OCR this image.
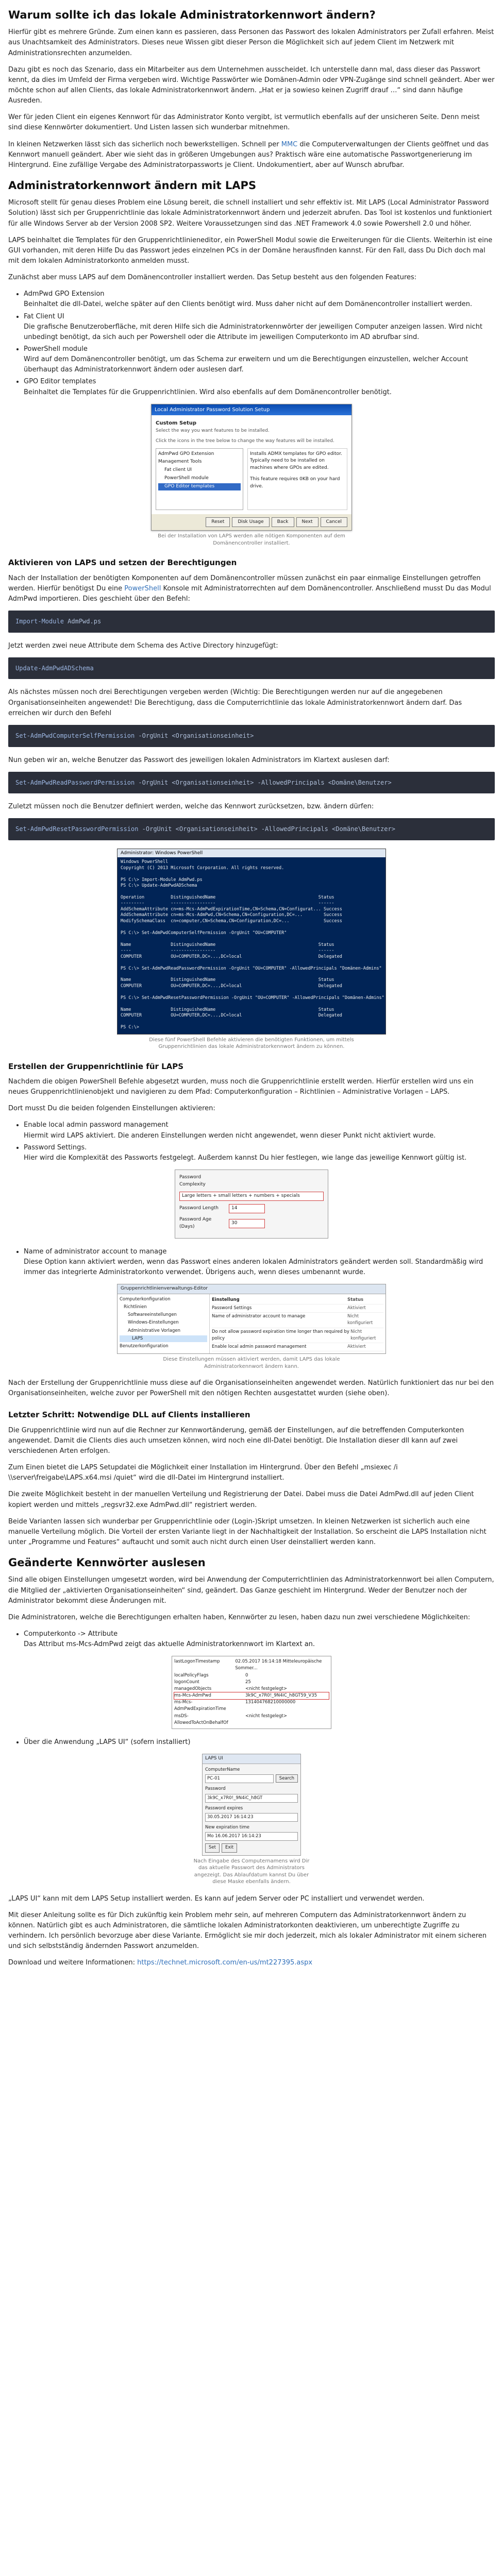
Warum sollte ich das lokale Administratorkennwort ändern?

Hierfür gibt es mehrere Gründe. Zum einen kann es passieren, dass Personen das Passwort des lokalen Administrators per Zufall erfahren. Meist aus Unachtsamkeit des Administrators. Dieses neue Wissen gibt dieser Person die Möglichkeit sich auf jedem Client im Netzwerk mit Administrationsrechten anzumelden.

Dazu gibt es noch das Szenario, dass ein Mitarbeiter aus dem Unternehmen ausscheidet. Ich unterstelle dann mal, dass dieser das Passwort kennt, da dies im Umfeld der Firma vergeben wird. Wichtige Passwörter wie Domänen-Admin oder VPN-Zugänge sind schnell geändert. Aber wer möchte schon auf allen Clients, das lokale Administratorkennwort ändern. „Hat er ja sowieso keinen Zugriff drauf …“ sind dann häufige Ausreden.

Wer für jeden Client ein eigenes Kennwort für das Administrator Konto vergibt, ist vermutlich ebenfalls auf der unsicheren Seite. Denn meist sind diese Kennwörter dokumentiert. Und Listen lassen sich wunderbar mitnehmen.

In kleinen Netzwerken lässt sich das sicherlich noch bewerkstelligen. Schnell per MMC die Computerverwaltungen der Clients geöffnet und das Kennwort manuell geändert. Aber wie sieht das in größeren Umgebungen aus? Praktisch wäre eine automatische Passwortgenerierung im Hintergrund. Eine zufällige Vergabe des Administratorpassworts je Client. Undokumentiert, aber auf Wunsch abrufbar.

Administratorkennwort ändern mit LAPS

Microsoft stellt für genau dieses Problem eine Lösung bereit, die schnell installiert und sehr effektiv ist. Mit LAPS (Local Administrator Password Solution) lässt sich per Gruppenrichtlinie das lokale Administratorkennwort ändern und jederzeit abrufen. Das Tool ist kostenlos und funktioniert für alle Windows Server ab der Version 2008 SP2. Weitere Voraussetzungen sind das .NET Framework 4.0 sowie Powershell 2.0 und höher.

LAPS beinhaltet die Templates für den Gruppenrichtlinieneditor, ein PowerShell Modul sowie die Erweiterungen für die Clients. Weiterhin ist eine GUI vorhanden, mit deren Hilfe Du das Passwort jedes einzelnen PCs in der Domäne herausfinden kannst. Für den Fall, dass Du Dich doch mal mit dem lokalen Administratorkonto anmelden musst.

Zunächst aber muss LAPS auf dem Domänencontroller installiert werden. Das Setup besteht aus den folgenden Features:

• AdmPwd GPO Extension
Beinhaltet die dll-Datei, welche später auf den Clients benötigt wird. Muss daher nicht auf dem Domänencontroller installiert werden.
• Fat Client UI
Die grafische Benutzeroberfläche, mit deren Hilfe sich die Administratorkennwörter der jeweiligen Computer anzeigen lassen. Wird nicht unbedingt benötigt, da sich auch per Powershell oder die Attribute im jeweiligen Computerkonto im AD abrufbar sind.
• PowerShell module
Wird auf dem Domänencontroller benötigt, um das Schema zur erweitern und um die Berechtigungen einzustellen, welcher Account überhaupt das Administratorkennwort ändern oder auslesen darf.
• GPO Editor templates
Beinhaltet die Templates für die Gruppenrichtlinien. Wird also ebenfalls auf dem Domänencontroller benötigt.
Local Administrator Password Solution Setup
Custom Setup
Select the way you want features to be installed.
Click the icons in the tree below to change the way features will be installed.
AdmPwd GPO Extension
Management Tools
Fat client UI
PowerShell module
GPO Editor templates
Installs ADMX templates for GPO editor. Typically need to be installed on machines where GPOs are edited.
This feature requires 0KB on your hard drive.
Reset	Disk Usage	Back	Next	Cancel
Bei der Installation von LAPS werden alle nötigen Komponenten auf dem Domänencontroller installiert.
Aktivieren von LAPS und setzen der Berechtigungen

Nach der Installation der benötigten Komponenten auf dem Domänencontroller müssen zunächst ein paar einmalige Einstellungen getroffen werden. Hierfür benötigst Du eine PowerShell Konsole mit Administratorrechten auf dem Domänencontroller. Anschließend musst Du das Modul AdmPwd importieren. Dies geschieht über den Befehl:

Import-Module AdmPwd.ps

Jetzt werden zwei neue Attribute dem Schema des Active Directory hinzugefügt:

Update-AdmPwdADSchema

Als nächstes müssen noch drei Berechtigungen vergeben werden (Wichtig: Die Berechtigungen werden nur auf die angegebenen Organisationseinheiten angewendet! Die Berechtigung, dass die Computerrichtlinie das lokale Administratorkennwort ändern darf. Das erreichen wir durch den Befehl

Set-AdmPwdComputerSelfPermission -OrgUnit <Organisationseinheit>

Nun geben wir an, welche Benutzer das Passwort des jeweiligen lokalen Administrators im Klartext auslesen darf:

Set-AdmPwdReadPasswordPermission -OrgUnit <Organisationseinheit> -AllowedPrincipals <Domäne\Benutzer>

Zuletzt müssen noch die Benutzer definiert werden, welche das Kennwort zurücksetzen, bzw. ändern dürfen:

Set-AdmPwdResetPasswordPermission -OrgUnit <Organisationseinheit> -AllowedPrincipals <Domäne\Benutzer>
Administrator: Windows PowerShell
Windows PowerShell
Copyright (C) 2013 Microsoft Corporation. All rights reserved.

PS C:\> Import-Module AdmPwd.ps
PS C:\> Update-AdmPwdADSchema

Operation          DistinguishedName                                       Status
---------          -----------------                                       ------
AddSchemaAttribute cn=ms-Mcs-AdmPwdExpirationTime,CN=Schema,CN=Configurat... Success
AddSchemaAttribute cn=ms-Mcs-AdmPwd,CN=Schema,CN=Configuration,DC=...        Success
ModifySchemaClass  cn=computer,CN=Schema,CN=Configuration,DC=...             Success

PS C:\> Set-AdmPwdComputerSelfPermission -OrgUnit "OU=COMPUTER"

Name               DistinguishedName                                       Status
----               -----------------                                       ------
COMPUTER           OU=COMPUTER,DC=...,DC=local                             Delegated

PS C:\> Set-AdmPwdReadPasswordPermission -OrgUnit "OU=COMPUTER" -AllowedPrincipals "Domänen-Admins"

Name               DistinguishedName                                       Status
COMPUTER           OU=COMPUTER,DC=...,DC=local                             Delegated

PS C:\> Set-AdmPwdResetPasswordPermission -OrgUnit "OU=COMPUTER" -AllowedPrincipals "Domänen-Admins"

Name               DistinguishedName                                       Status
COMPUTER           OU=COMPUTER,DC=...,DC=local                             Delegated

PS C:\>
Diese fünf PowerShell Befehle aktivieren die benötigten Funktionen, um mittels Gruppenrichtlinien das lokale Administratorkennwort ändern zu können.
Erstellen der Gruppenrichtlinie für LAPS

Nachdem die obigen PowerShell Befehle abgesetzt wurden, muss noch die Gruppenrichtlinie erstellt werden. Hierfür erstellen wird uns ein neues Gruppenrichtlinienobjekt und navigieren zu dem Pfad: Computerkonfiguration – Richtlinien – Administrative Vorlagen – LAPS.

Dort musst Du die beiden folgenden Einstellungen aktivieren:

• Enable local admin password management
Hiermit wird LAPS aktiviert. Die anderen Einstellungen werden nicht angewendet, wenn dieser Punkt nicht aktiviert wurde.
• Password Settings.
Hier wird die Komplexität des Passworts festgelegt. Außerdem kannst Du hier festlegen, wie lange das jeweilige Kennwort gültig ist.
Password Complexity
Large letters + small letters + numbers + specials
Password Length	14
Password Age (Days)
30
• Name of administrator account to manage
Diese Option kann aktiviert werden, wenn das Passwort eines anderen lokalen Administrators geändert werden soll. Standardmäßig wird immer das integrierte Administratorkonto verwendet. Übrigens auch, wenn dieses umbenannt wurde.
Gruppenrichtlinienverwaltungs-Editor
Computerkonfiguration
Richtlinien
Softwareeinstellungen
Windows-Einstellungen
Administrative Vorlagen
LAPS
Benutzerkonfiguration
Einstellung	Status
Password Settings	Aktiviert
Name of administrator account to manage	Nicht konfiguriert
Do not allow password expiration time longer than required by policy
Nicht konfiguriert
Enable local admin password management	Aktiviert
Diese Einstellungen müssen aktiviert werden, damit LAPS das lokale Administratorkennwort ändern kann.

Nach der Erstellung der Gruppenrichtlinie muss diese auf die Organisationseinheiten angewendet werden. Natürlich funktioniert das nur bei den Organisationseinheiten, welche zuvor per PowerShell mit den nötigen Rechten ausgestattet wurden (siehe oben).

Letzter Schritt: Notwendige DLL auf Clients installieren

Die Gruppenrichtlinie wird nun auf die Rechner zur Kennwortänderung, gemäß der Einstellungen, auf die betreffenden Computerkonten angewendet. Damit die Clients dies auch umsetzen können, wird noch eine dll-Datei benötigt. Die Installation dieser dll kann auf zwei verschiedenen Arten erfolgen.

Zum Einen bietet die LAPS Setupdatei die Möglichkeit einer Installation im Hintergrund. Über den Befehl „msiexec /i \\server\freigabe\LAPS.x64.msi /quiet“ wird die dll-Datei im Hintergrund installiert.

Die zweite Möglichkeit besteht in der manuellen Verteilung und Registrierung der Datei. Dabei muss die Datei AdmPwd.dll auf jeden Client kopiert werden und mittels „regsvr32.exe AdmPwd.dll“ registriert werden.

Beide Varianten lassen sich wunderbar per Gruppenrichtlinie oder (Login-)Skript umsetzen. In kleinen Netzwerken ist sicherlich auch eine manuelle Verteilung möglich. Die Vorteil der ersten Variante liegt in der Nachhaltigkeit der Installation. So erscheint die LAPS Installation nicht unter „Programme und Features“ auftaucht und somit auch nicht durch einen User deinstalliert werden kann.

Geänderte Kennwörter auslesen

Sind alle obigen Einstellungen umgesetzt worden, wird bei Anwendung der Computerrichtlinien das Administratorkennwort bei allen Computern, die Mitglied der „aktivierten Organisationseinheiten“ sind, geändert. Das Ganze geschieht im Hintergrund. Weder der Benutzer noch der Administrator bekommt diese Änderungen mit.

Die Administratoren, welche die Berechtigungen erhalten haben, Kennwörter zu lesen, haben dazu nun zwei verschiedene Möglichkeiten:

• Computerkonto -> Attribute
Das Attribut ms-Mcs-AdmPwd zeigt das aktuelle Administratorkennwort im Klartext an.
lastLogonTimestamp	02.05.2017 16:14:18 Mitteleuropäische Sommer...
localPolicyFlags	0
logonCount	25
managedObjects	<nicht festgelegt>
ms-Mcs-AdmPwd	3k9C_x7R0!_9N4iC_h8GT59_V35
ms-Mcs-AdmPwdExpirationTime
131404768210000000
msDS-AllowedToActOnBehalfOf
<nicht festgelegt>
• Über die Anwendung „LAPS UI“ (sofern installiert)
LAPS UI
ComputerName
PC-01	Search
Password
3k9C_x7R0!_9N4iC_h8GT
Password expires
30.05.2017 16:14:23
New expiration time
Mo 16.06.2017 16:14:23
Set	Exit
Nach Eingabe des Computernamens wird Dir das aktuelle Passwort des Administrators angezeigt. Das Ablaufdatum kannst Du über diese Maske ebenfalls ändern.

„LAPS UI“ kann mit dem LAPS Setup installiert werden. Es kann auf jedem Server oder PC installiert und verwendet werden.

Mit dieser Anleitung sollte es für Dich zukünftig kein Problem mehr sein, auf mehreren Computern das Administratorkennwort ändern zu können. Natürlich gibt es auch Administratoren, die sämtliche lokalen Administratorkonten deaktivieren, um unberechtigte Zugriffe zu verhindern. Ich persönlich bevorzuge aber diese Variante. Ermöglicht sie mir doch jederzeit, mich als lokaler Administrator mit einem sicheren und sich selbstständig ändernden Passwort anzumelden.

Download und weitere Informationen: https://technet.microsoft.com/en-us/mt227395.aspx
